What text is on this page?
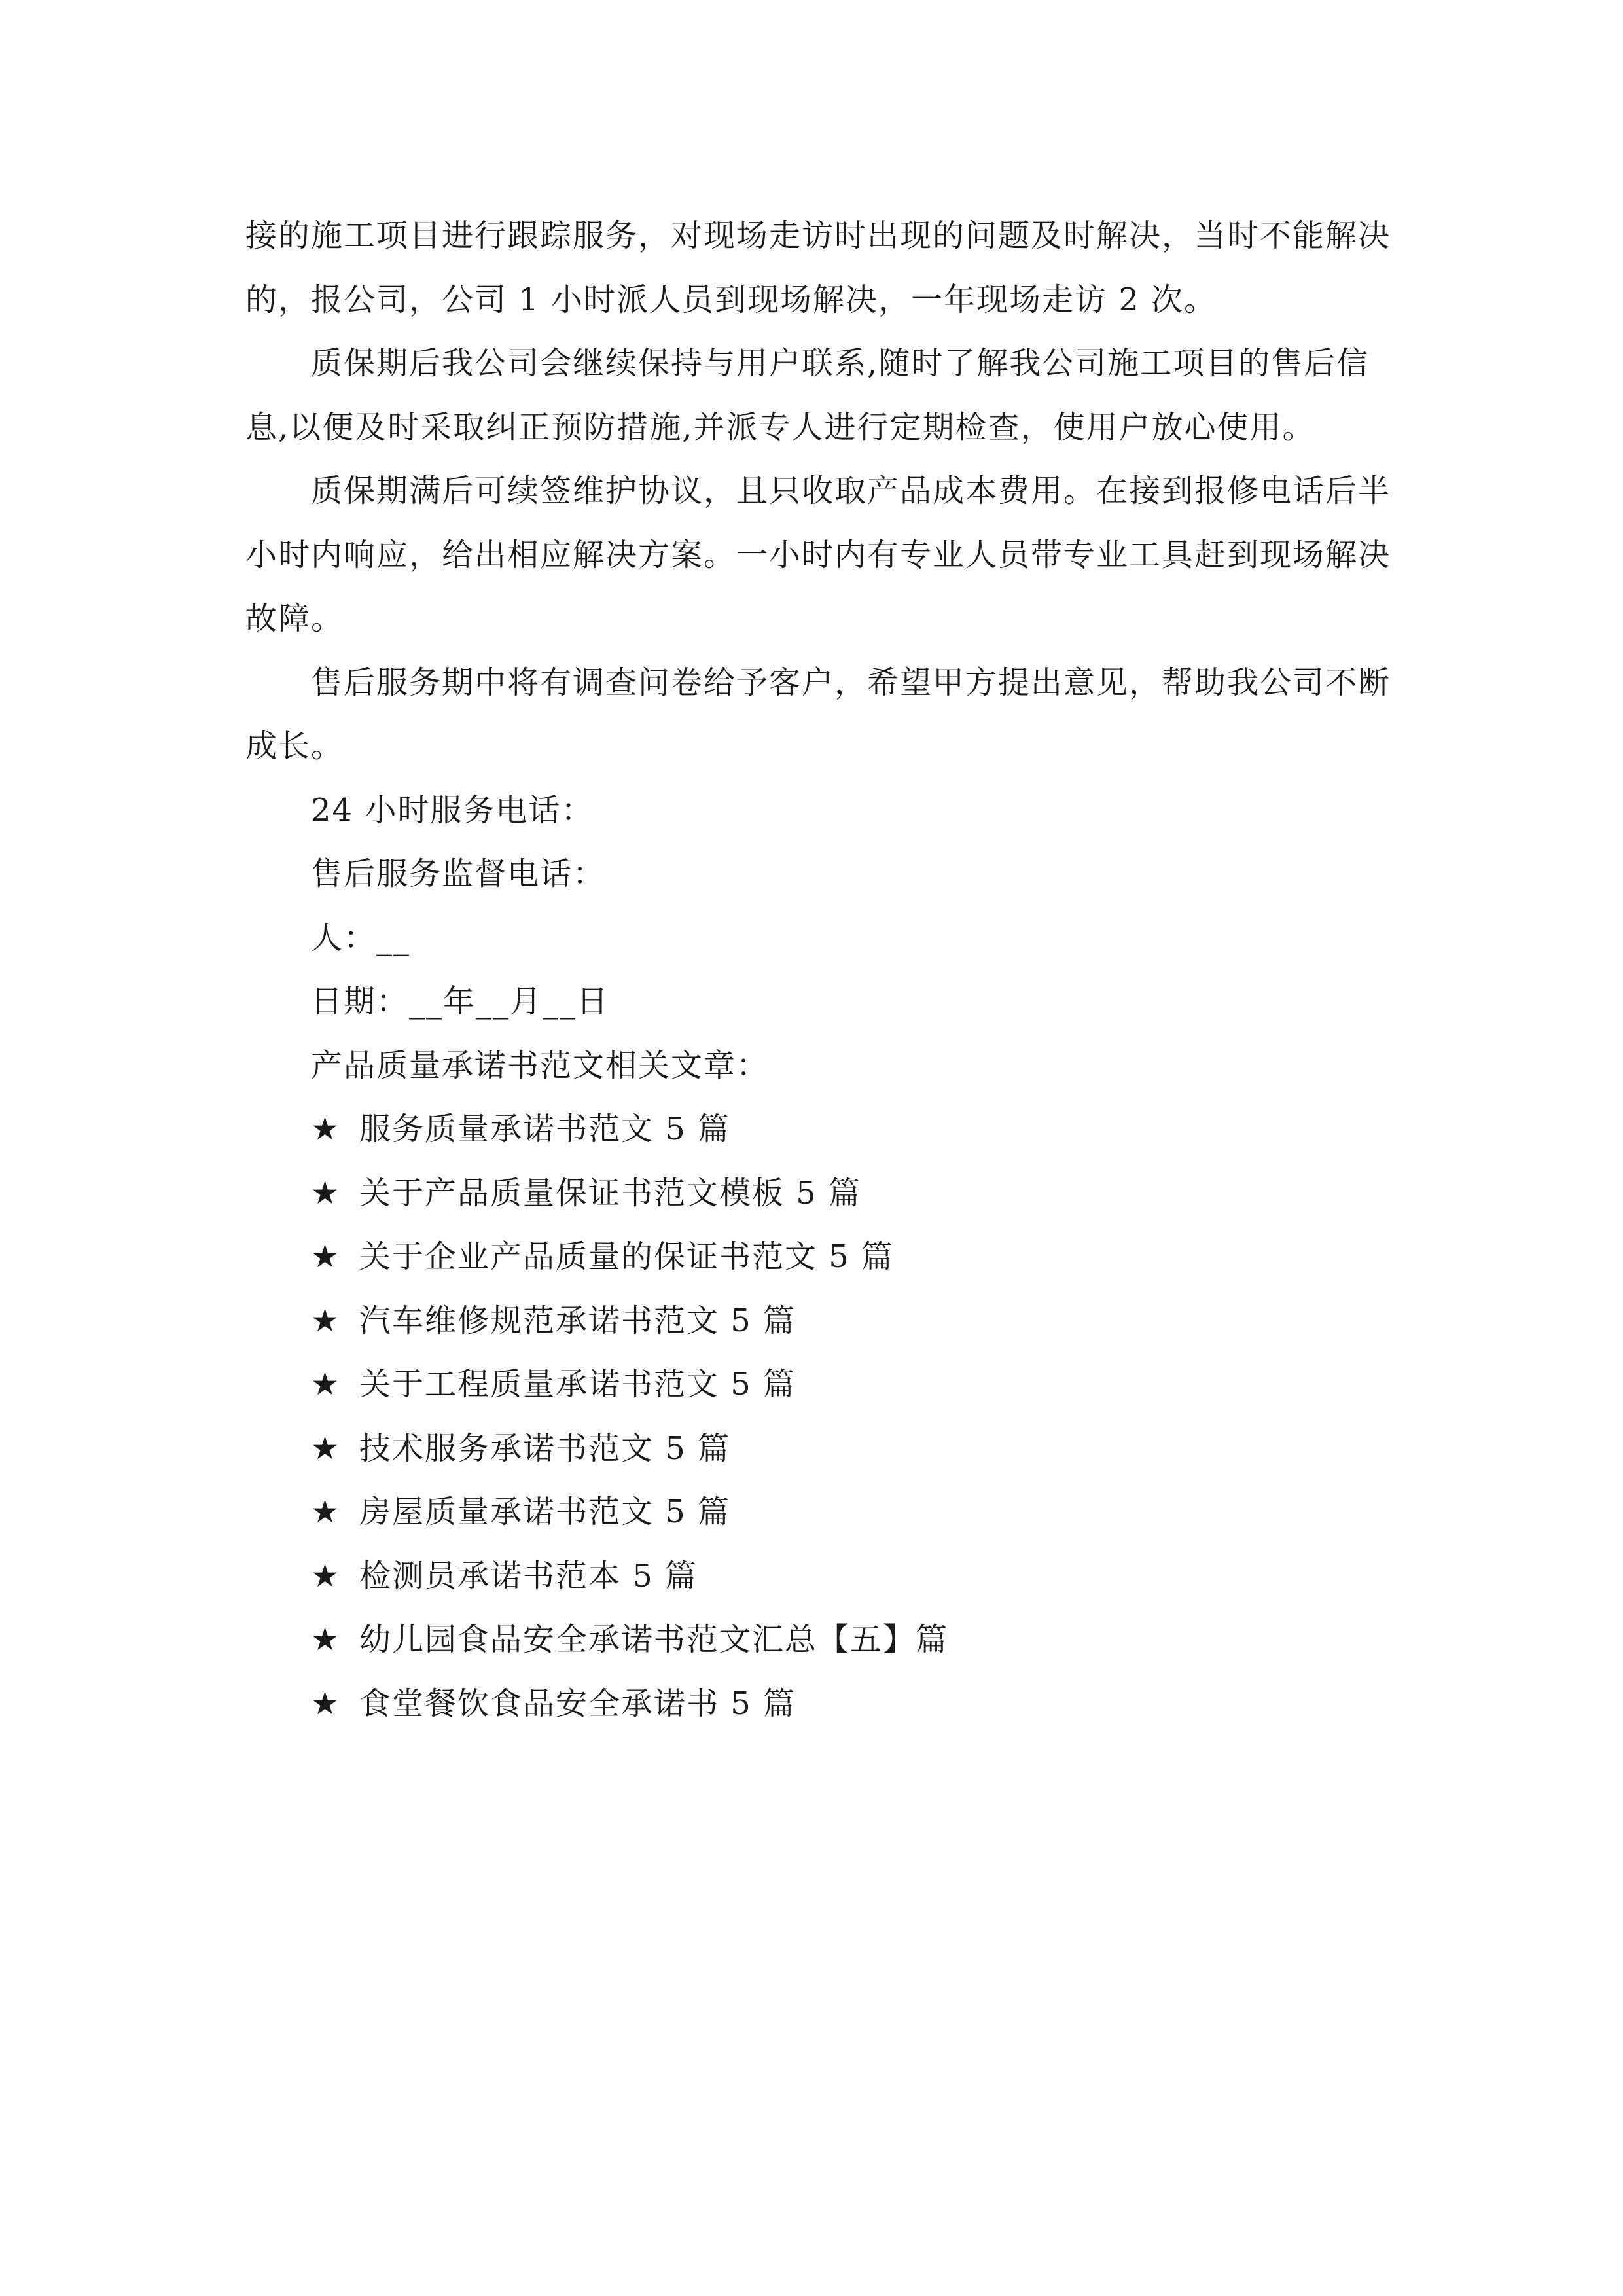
接的施工项目进行跟踪服务，对现场走访时出现的问题及时解决，当时不能解决
的，报公司，公司 1 小时派人员到现场解决，一年现场走访 2 次。
质保期后我公司会继续保持与用户联系,随时了解我公司施工项目的售后信
息,以便及时采取纠正预防措施,并派专人进行定期检查，使用户放心使用。
质保期满后可续签维护协议，且只收取产品成本费用。在接到报修电话后半
小时内响应，给出相应解决方案。一小时内有专业人员带专业工具赶到现场解决
故障。
售后服务期中将有调查问卷给予客户，希望甲方提出意见，帮助我公司不断
成长。
24 小时服务电话：
售后服务监督电话：
人：__
日期：__年__月__日
产品质量承诺书范文相关文章：
★ 服务质量承诺书范文 5 篇
★ 关于产品质量保证书范文模板 5 篇
★ 关于企业产品质量的保证书范文 5 篇
★ 汽车维修规范承诺书范文 5 篇
★ 关于工程质量承诺书范文 5 篇
★ 技术服务承诺书范文 5 篇
★ 房屋质量承诺书范文 5 篇
★ 检测员承诺书范本 5 篇
★ 幼儿园食品安全承诺书范文汇总【五】篇
★ 食堂餐饮食品安全承诺书 5 篇
